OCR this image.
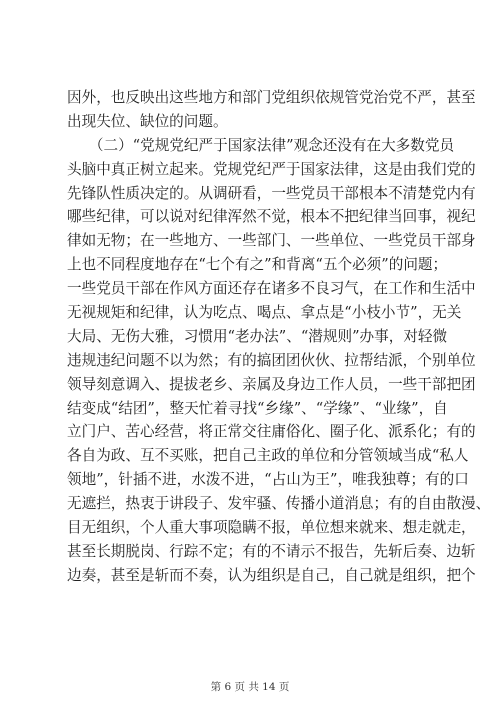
因外，也反映出这些地方和部门党组织依规管党治党不严，甚至
出现失位、缺位的问题。
　　（二）“党规党纪严于国家法律”观念还没有在大多数党员
头脑中真正树立起来。党规党纪严于国家法律，这是由我们党的
先锋队性质决定的。从调研看，一些党员干部根本不清楚党内有
哪些纪律，可以说对纪律浑然不觉，根本不把纪律当回事，视纪
律如无物；在一些地方、一些部门、一些单位、一些党员干部身
上也不同程度地存在“七个有之”和背离“五个必须”的问题；
一些党员干部在作风方面还存在诸多不良习气，在工作和生活中
无视规矩和纪律，认为吃点、喝点、拿点是“小枝小节”，无关
大局、无伤大雅，习惯用“老办法”、“潜规则”办事，对轻微
违规违纪问题不以为然；有的搞团团伙伙、拉帮结派，个别单位
领导刻意调入、提拔老乡、亲属及身边工作人员，一些干部把团
结变成“结团”，整天忙着寻找“乡缘”、“学缘”、“业缘”，自
立门户、苦心经营，将正常交往庸俗化、圈子化、派系化；有的
各自为政、互不买账，把自己主政的单位和分管领域当成“私人
领地”，针插不进，水泼不进，“占山为王”，唯我独尊；有的口
无遮拦，热衷于讲段子、发牢骚、传播小道消息；有的自由散漫、
目无组织，个人重大事项隐瞒不报，单位想来就来、想走就走，
甚至长期脱岗、行踪不定；有的不请示不报告，先斩后奏、边斩
边奏，甚至是斩而不奏，认为组织是自己，自己就是组织，把个
第 6 页 共 14 页
